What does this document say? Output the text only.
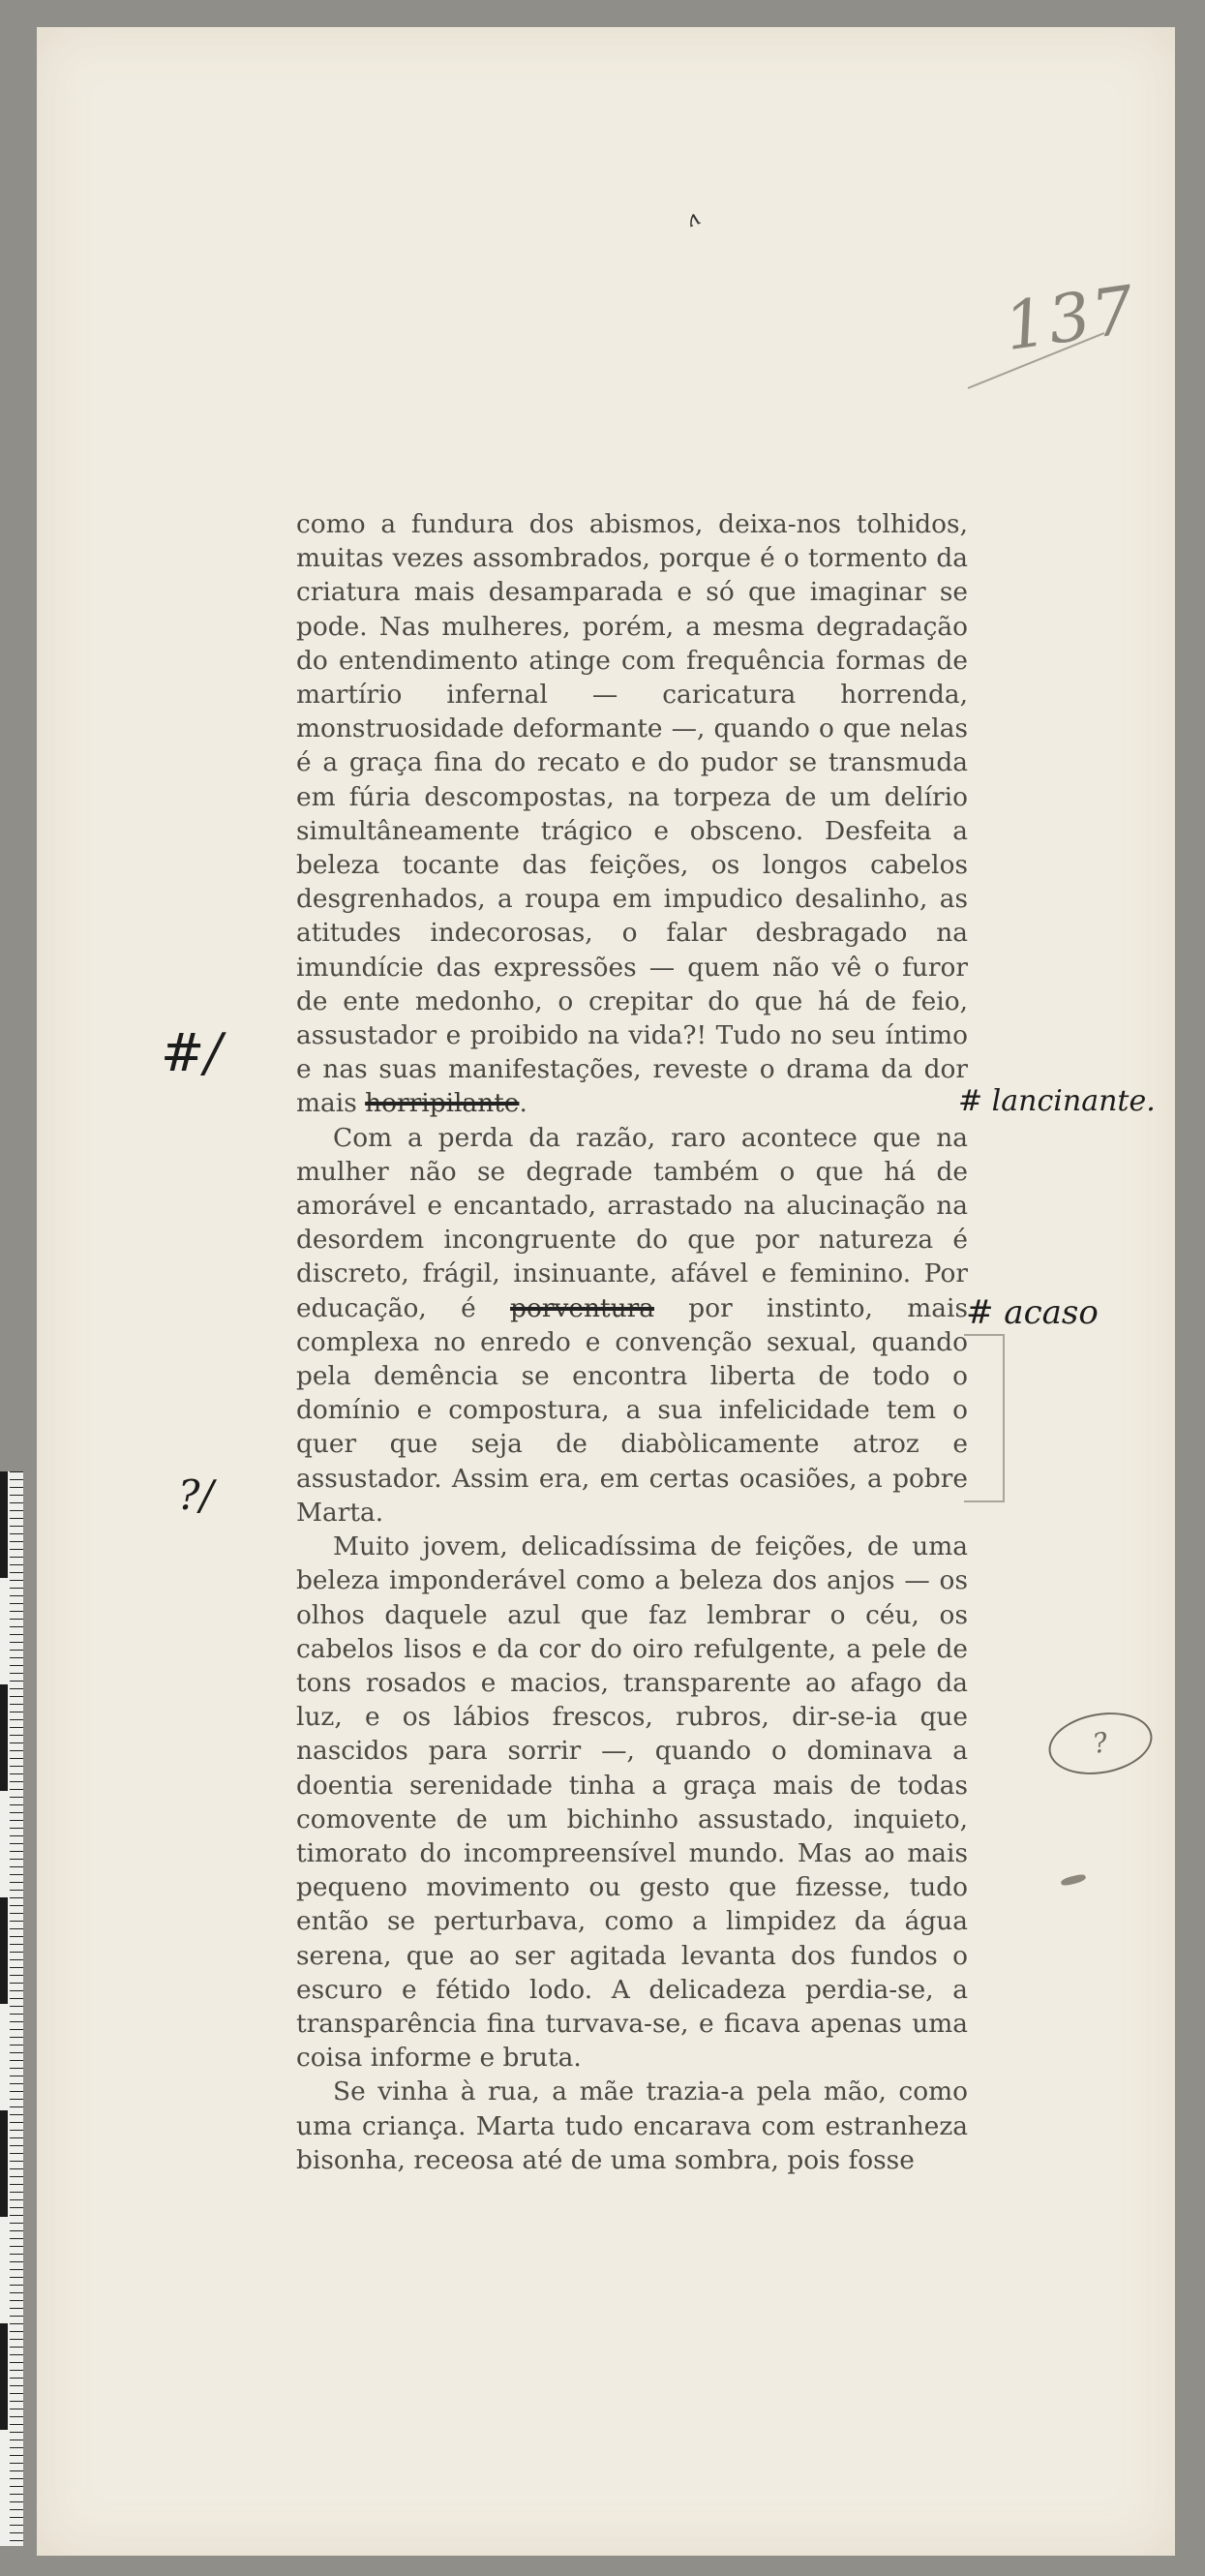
ʌ
137

como a fundura dos abismos, deixa-nos tolhidos, muitas vezes assombrados, porque é o tormento da criatura mais desamparada e só que imaginar se pode. Nas mulheres, porém, a mesma degradação do entendimento atinge com frequência formas de martírio infernal — caricatura horrenda, monstruosidade deformante —, quando o que nelas é a graça fina do recato e do pudor se transmuda em fúria descompostas, na torpeza de um delírio simultâneamente trágico e obsceno. Desfeita a beleza tocante das feições, os longos cabelos desgrenhados, a roupa em impudico desalinho, as atitudes indecorosas, o falar desbragado na imundície das expressões — quem não vê o furor de ente medonho, o crepitar do que há de feio, assustador e proibido na vida?! Tudo no seu íntimo e nas suas manifestações, reveste o drama da dor mais horripilante.

Com a perda da razão, raro acontece que na mulher não se degrade também o que há de amorável e encantado, arrastado na alucinação na desordem incongruente do que por natureza é discreto, frágil, insinuante, afável e feminino. Por educação, é porventura por instinto, mais complexa no enredo e convenção sexual, quando pela demência se encontra liberta de todo o domínio e compostura, a sua infelicidade tem o quer que seja de diabòlicamente atroz e assustador. Assim era, em certas ocasiões, a pobre Marta.

Muito jovem, delicadíssima de feições, de uma beleza imponderável como a beleza dos anjos — os olhos daquele azul que faz lembrar o céu, os cabelos lisos e da cor do oiro refulgente, a pele de tons rosados e macios, transparente ao afago da luz, e os lábios frescos, rubros, dir-se-ia que nascidos para sorrir —, quando o dominava a doentia serenidade tinha a graça mais de todas comovente de um bichinho assustado, inquieto, timorato do incompreensível mundo. Mas ao mais pequeno movimento ou gesto que fizesse, tudo então se perturbava, como a limpidez da água serena, que ao ser agitada levanta dos fundos o escuro e fétido lodo. A delicadeza perdia-se, a transparência fina turvava-se, e ficava apenas uma coisa informe e bruta.

Se vinha à rua, a mãe trazia-a pela mão, como uma criança. Marta tudo encarava com estranheza bisonha, receosa até de uma sombra, pois fosse

#/
?/
# lancinante.
# acaso
?
